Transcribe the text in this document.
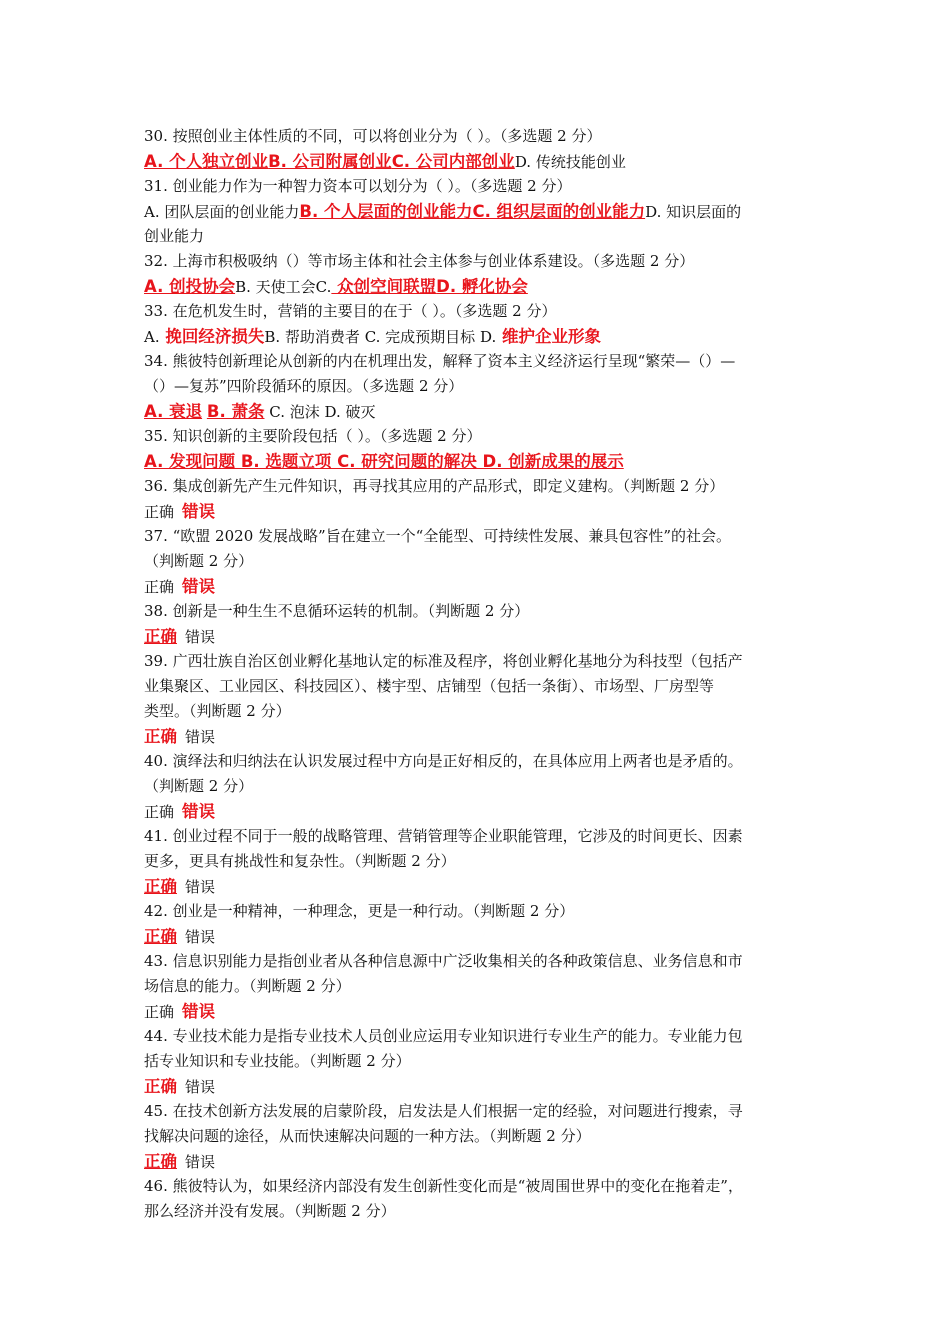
30. 按照创业主体性质的不同，可以将创业分为（ ）。（多选题 2 分）
A. 个人独立创业B. 公司附属创业C. 公司内部创业D. 传统技能创业
31. 创业能力作为一种智力资本可以划分为（ ）。（多选题 2 分）
A. 团队层面的创业能力B. 个人层面的创业能力C. 组织层面的创业能力D. 知识层面的
创业能力
32. 上海市积极吸纳（）等市场主体和社会主体参与创业体系建设。（多选题 2 分）
A. 创投协会B. 天使工会C. 众创空间联盟D. 孵化协会
33. 在危机发生时，营销的主要目的在于（ ）。（多选题 2 分）
A. 挽回经济损失B. 帮助消费者 C. 完成预期目标 D. 维护企业形象
34. 熊彼特创新理论从创新的内在机理出发，解释了资本主义经济运行呈现“繁荣—（）—
（）—复苏”四阶段循环的原因。（多选题 2 分）
A. 衰退 B. 萧条 C. 泡沫 D. 破灭
35. 知识创新的主要阶段包括（ ）。（多选题 2 分）
A. 发现问题 B. 选题立项 C. 研究问题的解决 D. 创新成果的展示
36. 集成创新先产生元件知识，再寻找其应用的产品形式，即定义建构。（判断题 2 分）
正确 错误
37. “欧盟 2020 发展战略”旨在建立一个“全能型、可持续性发展、兼具包容性”的社会。
（判断题 2 分）
正确 错误
38. 创新是一种生生不息循环运转的机制。（判断题 2 分）
正确 错误
39. 广西壮族自治区创业孵化基地认定的标准及程序，将创业孵化基地分为科技型（包括产
业集聚区、工业园区、科技园区）、楼宇型、店铺型（包括一条街）、市场型、厂房型等
类型。（判断题 2 分）
正确 错误
40. 演绎法和归纳法在认识发展过程中方向是正好相反的，在具体应用上两者也是矛盾的。
（判断题 2 分）
正确 错误
41. 创业过程不同于一般的战略管理、营销管理等企业职能管理，它涉及的时间更长、因素
更多，更具有挑战性和复杂性。（判断题 2 分）
正确 错误
42. 创业是一种精神，一种理念，更是一种行动。（判断题 2 分）
正确 错误
43. 信息识别能力是指创业者从各种信息源中广泛收集相关的各种政策信息、业务信息和市
场信息的能力。（判断题 2 分）
正确 错误
44. 专业技术能力是指专业技术人员创业应运用专业知识进行专业生产的能力。专业能力包
括专业知识和专业技能。（判断题 2 分）
正确 错误
45. 在技术创新方法发展的启蒙阶段，启发法是人们根据一定的经验，对问题进行搜索，寻
找解决问题的途径，从而快速解决问题的一种方法。（判断题 2 分）
正确 错误
46. 熊彼特认为，如果经济内部没有发生创新性变化而是“被周围世界中的变化在拖着走”，
那么经济并没有发展。（判断题 2 分）
